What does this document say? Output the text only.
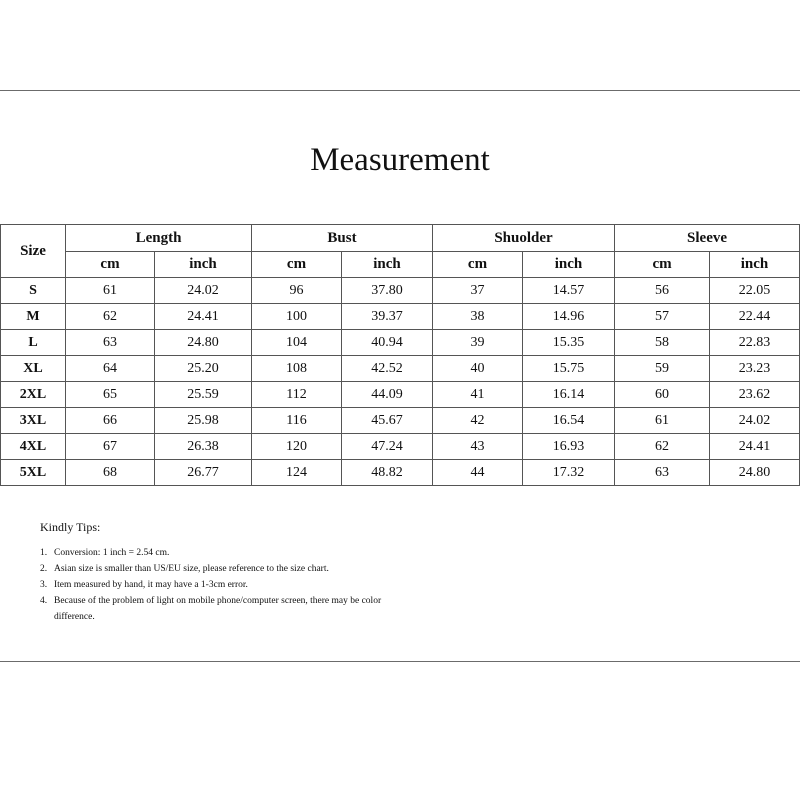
Measurement
Size	Length		Bust		Shuolder		Sleeve	
	cm	inch	cm	inch	cm	inch	cm	inch
S	61	24.02	96	37.80	37	14.57	56	22.05
M	62	24.41	100	39.37	38	14.96	57	22.44
L	63	24.80	104	40.94	39	15.35	58	22.83
XL	64	25.20	108	42.52	40	15.75	59	23.23
2XL	65	25.59	112	44.09	41	16.14	60	23.62
3XL	66	25.98	116	45.67	42	16.54	61	24.02
4XL	67	26.38	120	47.24	43	16.93	62	24.41
5XL	68	26.77	124	48.82	44	17.32	63	24.80

Kindly Tips:

1. Conversion: 1 inch = 2.54 cm.
2. Asian size is smaller than US/EU size, please reference to the size chart.
3. Item measured by hand, it may have a 1-3cm error.
4. Because of the problem of light on mobile phone/computer screen, there may be color difference.
